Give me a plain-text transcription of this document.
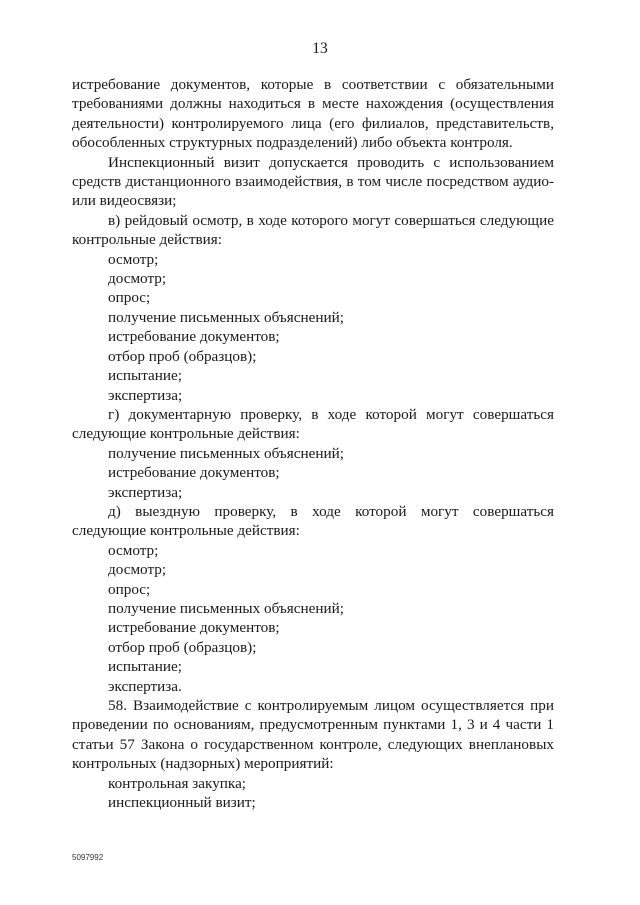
13
истребование документов, которые в соответствии с обязательными
требованиями должны находиться в месте нахождения (осуществления
деятельности) контролируемого лица (его филиалов, представительств,
обособленных структурных подразделений) либо объекта контроля.
Инспекционный визит допускается проводить с использованием
средств дистанционного взаимодействия, в том числе посредством аудио-
или видеосвязи;
в) рейдовый осмотр, в ходе которого могут совершаться следующие
контрольные действия:

осмотр;

досмотр;

опрос;

получение письменных объяснений;

истребование документов;

отбор проб (образцов);

испытание;

экспертиза;

г) документарную проверку, в ходе которой могут совершаться
следующие контрольные действия:

получение письменных объяснений;

истребование документов;

экспертиза;

д) выездную проверку, в ходе которой могут совершаться
следующие контрольные действия:

осмотр;

досмотр;

опрос;

получение письменных объяснений;

истребование документов;

отбор проб (образцов);

испытание;

экспертиза.

58. Взаимодействие с контролируемым лицом осуществляется при
проведении по основаниям, предусмотренным пунктами 1, 3 и 4 части 1
статьи 57 Закона о государственном контроле, следующих внеплановых
контрольных (надзорных) мероприятий:

контрольная закупка;

инспекционный визит;

5097992
